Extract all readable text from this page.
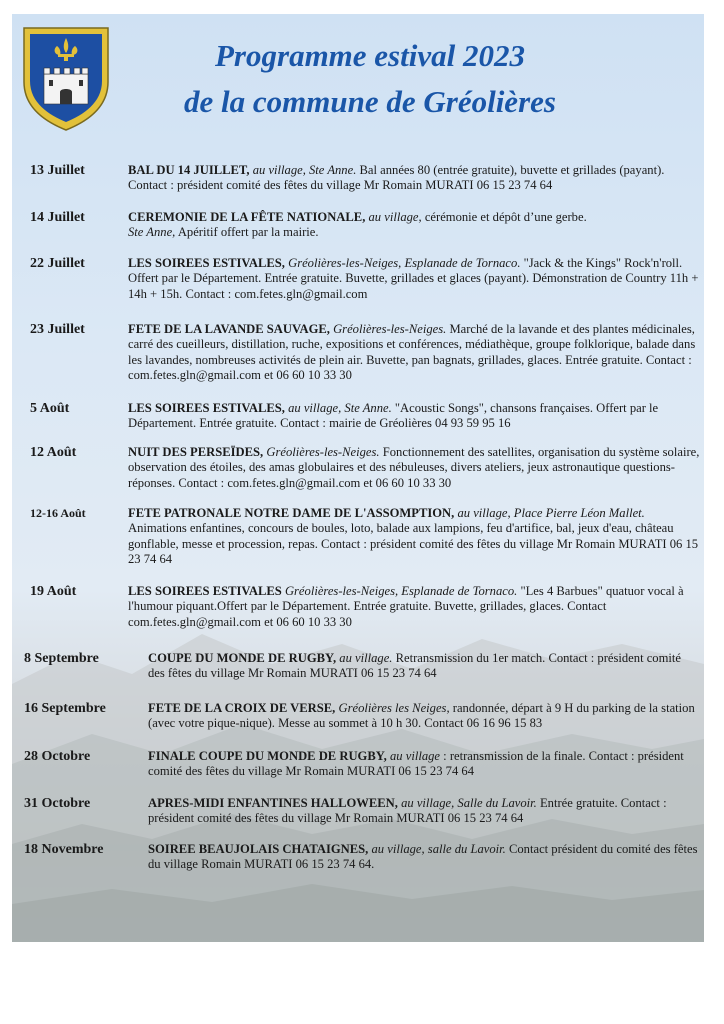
Programme estival 2023
de la commune de Gréolières
13 Juillet	BAL DU 14 JUILLET, au village, Ste Anne. Bal années 80 (entrée gratuite), buvette et grillades (payant). Contact : président comité des fêtes du village Mr Romain MURATI 06 15 23 74 64
14 Juillet	CEREMONIE DE LA FÊTE NATIONALE, au village, cérémonie et dépôt d’une gerbe.
Ste Anne, Apéritif offert par la mairie.
22 Juillet	LES SOIREES ESTIVALES, Gréolières-les-Neiges, Esplanade de Tornaco. "Jack & the Kings" Rock'n'roll. Offert par le Département. Entrée gratuite. Buvette, grillades et glaces (payant). Démonstration de Country 11h + 14h + 15h. Contact : com.fetes.gln@gmail.com
23 Juillet	FETE DE LA LAVANDE SAUVAGE, Gréolières-les-Neiges. Marché de la lavande et des plantes médicinales, carré des cueilleurs, distillation, ruche, expositions et conférences, médiathèque, groupe folklorique, balade dans les lavandes, nombreuses activités de plein air. Buvette, pan bagnats, grillades, glaces. Entrée gratuite. Contact : com.fetes.gln@gmail.com et 06 60 10 33 30
5 Août	LES SOIREES ESTIVALES, au village, Ste Anne. "Acoustic Songs", chansons françaises. Offert par le Département. Entrée gratuite. Contact : mairie de Gréolières 04 93 59 95 16
12 Août	NUIT DES PERSEÏDES, Gréolières-les-Neiges. Fonctionnement des satellites, organisation du système solaire, observation des étoiles, des amas globulaires et des nébuleuses, divers ateliers, jeux astronautique questions-réponses. Contact : com.fetes.gln@gmail.com et 06 60 10 33 30
12-16 Août	FETE PATRONALE NOTRE DAME DE L'ASSOMPTION, au village, Place Pierre Léon Mallet. Animations enfantines, concours de boules, loto, balade aux lampions, feu d'artifice, bal, jeux d'eau, château gonflable, messe et procession, repas. Contact : président comité des fêtes du village Mr Romain MURATI 06 15 23 74 64
19 Août	LES SOIREES ESTIVALES Gréolières-les-Neiges, Esplanade de Tornaco. "Les 4 Barbues" quatuor vocal à l'humour piquant.Offert par le Département. Entrée gratuite. Buvette, grillades, glaces. Contact com.fetes.gln@gmail.com et 06 60 10 33 30
8 Septembre	COUPE DU MONDE DE RUGBY, au village. Retransmission du 1er match. Contact : président comité des fêtes du village Mr Romain MURATI 06 15 23 74 64
16 Septembre	FETE DE LA CROIX DE VERSE, Gréolières les Neiges, randonnée, départ à 9 H du parking de la station (avec votre pique-nique). Messe au sommet à 10 h 30. Contact 06 16 96 15 83
28 Octobre	FINALE COUPE DU MONDE DE RUGBY, au village : retransmission de la finale. Contact : président comité des fêtes du village Mr Romain MURATI 06 15 23 74 64
31 Octobre	APRES-MIDI ENFANTINES HALLOWEEN, au village, Salle du Lavoir. Entrée gratuite. Contact : président comité des fêtes du village Mr Romain MURATI 06 15 23 74 64
18 Novembre	SOIREE BEAUJOLAIS CHATAIGNES, au village, salle du Lavoir. Contact président du comité des fêtes du village Romain MURATI 06 15 23 74 64.
